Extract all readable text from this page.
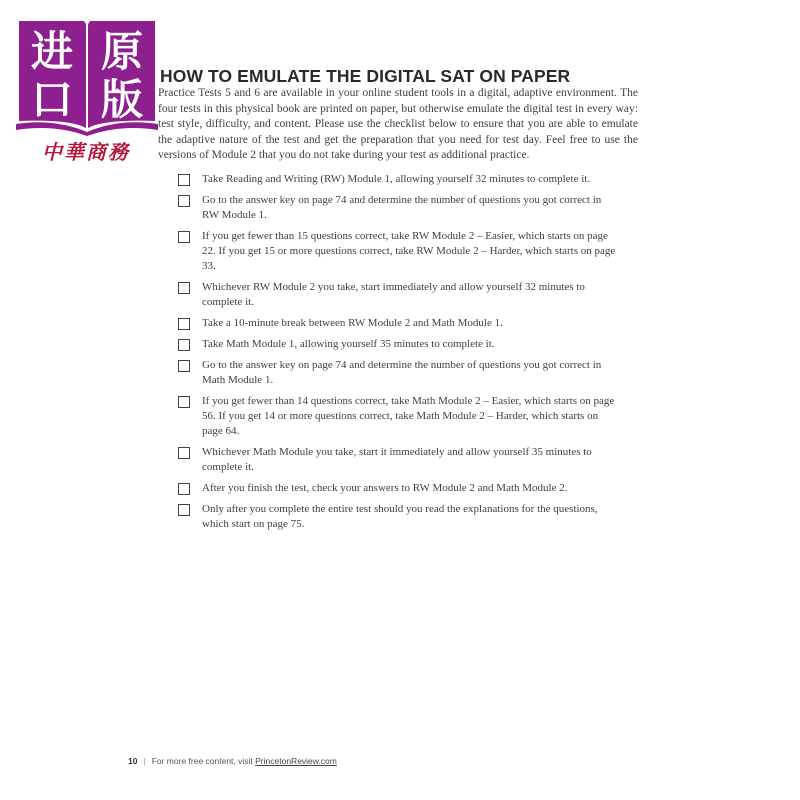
进 原
口 版
中華商務
HOW TO EMULATE THE DIGITAL SAT ON PAPER
Practice Tests 5 and 6 are available in your online student tools in a digital, adaptive environment. The four tests in this physical book are printed on paper, but otherwise emulate the digital test in every way: test style, difficulty, and content. Please use the checklist below to ensure that you are able to emulate the adaptive nature of the test and get the preparation that you need for test day. Feel free to use the versions of Module 2 that you do not take during your test as additional practice.
Take Reading and Writing (RW) Module 1, allowing yourself 32 minutes to complete it.
Go to the answer key on page 74 and determine the number of questions you got correct in RW Module 1.
If you get fewer than 15 questions correct, take RW Module 2 – Easier, which starts on page 22. If you get 15 or more questions correct, take RW Module 2 – Harder, which starts on page 33.
Whichever RW Module 2 you take, start immediately and allow yourself 32 minutes to complete it.
Take a 10-minute break between RW Module 2 and Math Module 1.
Take Math Module 1, allowing yourself 35 minutes to complete it.
Go to the answer key on page 74 and determine the number of questions you got correct in Math Module 1.
If you get fewer than 14 questions correct, take Math Module 2 – Easier, which starts on page 56. If you get 14 or more questions correct, take Math Module 2 – Harder, which starts on page 64.
Whichever Math Module you take, start it immediately and allow yourself 35 minutes to complete it.
After you finish the test, check your answers to RW Module 2 and Math Module 2.
Only after you complete the entire test should you read the explanations for the questions, which start on page 75.
10 | For more free content, visit PrincetonReview.com
